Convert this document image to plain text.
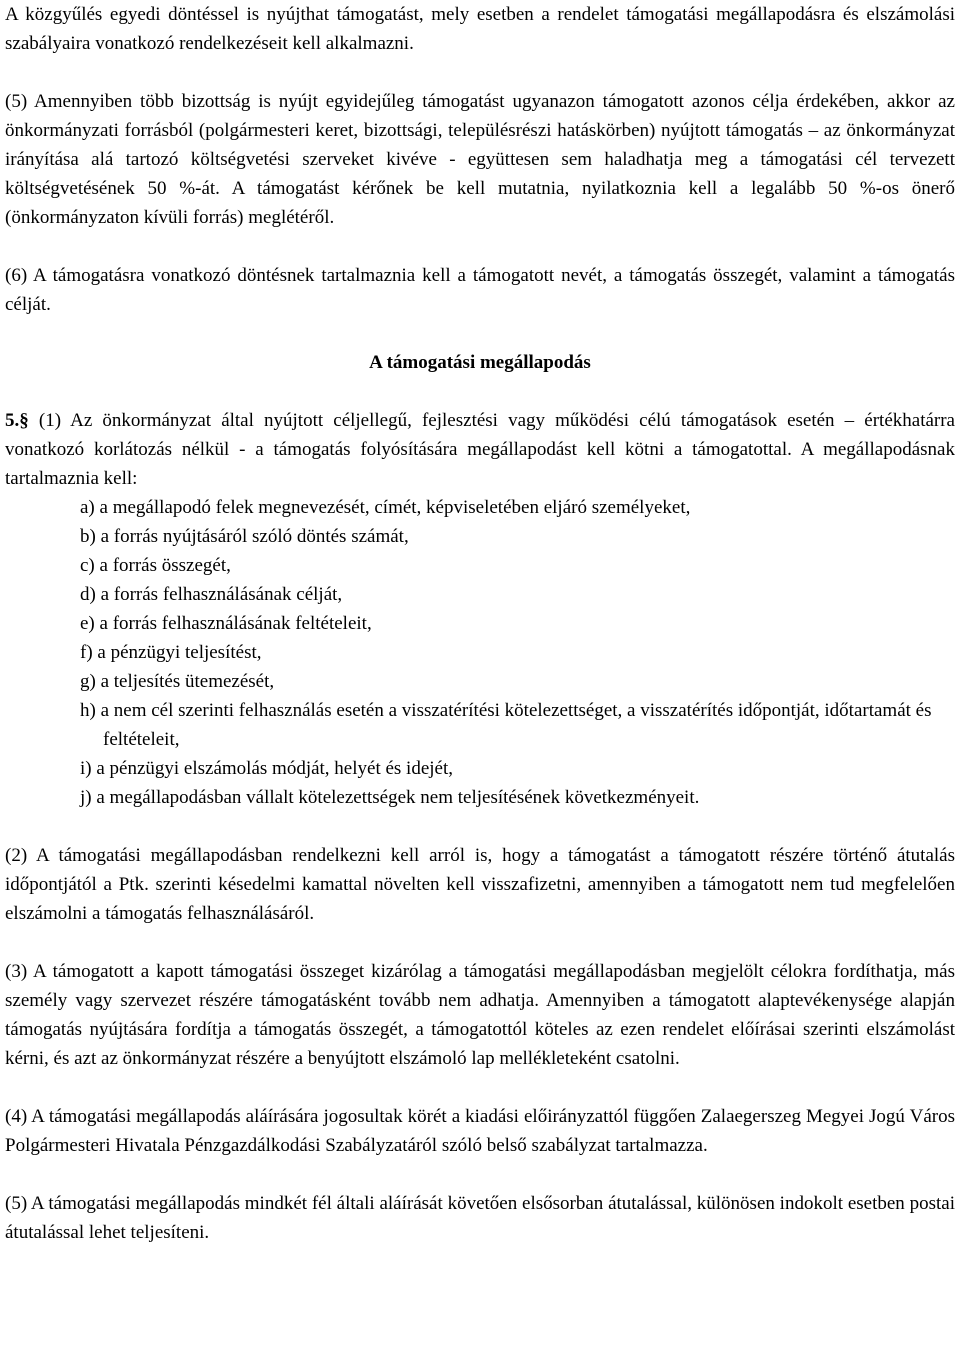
A közgyűlés egyedi döntéssel is nyújthat támogatást, mely esetben a rendelet támogatási megállapodásra és elszámolási szabályaira vonatkozó rendelkezéseit kell alkalmazni.

(5) Amennyiben több bizottság is nyújt egyidejűleg támogatást ugyanazon támogatott azonos célja érdekében, akkor az önkormányzati forrásból (polgármesteri keret, bizottsági, településrészi hatáskörben) nyújtott támogatás – az önkormányzat irányítása alá tartozó költségvetési szerveket kivéve - együttesen sem haladhatja meg a támogatási cél tervezett költségvetésének 50 %-át. A támogatást kérőnek be kell mutatnia, nyilatkoznia kell a legalább 50 %-os önerő (önkormányzaton kívüli forrás) meglétéről.

(6) A támogatásra vonatkozó döntésnek tartalmaznia kell a támogatott nevét, a támogatás összegét, valamint a támogatás célját.

A támogatási megállapodás

5.§ (1) Az önkormányzat által nyújtott céljellegű, fejlesztési vagy működési célú támogatások esetén – értékhatárra vonatkozó korlátozás nélkül - a támogatás folyósítására megállapodást kell kötni a támogatottal. A megállapodásnak tartalmaznia kell:

a) a megállapodó felek megnevezését, címét, képviseletében eljáró személyeket,
b) a forrás nyújtásáról szóló döntés számát,
c) a forrás összegét,
d) a forrás felhasználásának célját,
e) a forrás felhasználásának feltételeit,
f) a pénzügyi teljesítést,
g) a teljesítés ütemezését,
h) a nem cél szerinti felhasználás esetén a visszatérítési kötelezettséget, a visszatérítés időpontját, időtartamát és feltételeit,
i) a pénzügyi elszámolás módját, helyét és idejét,
j) a megállapodásban vállalt kötelezettségek nem teljesítésének következményeit.

(2) A támogatási megállapodásban rendelkezni kell arról is, hogy a támogatást a támogatott részére történő átutalás időpontjától a Ptk. szerinti késedelmi kamattal növelten kell visszafizetni, amennyiben a támogatott nem tud megfelelően elszámolni a támogatás felhasználásáról.

(3) A támogatott a kapott támogatási összeget kizárólag a támogatási megállapodásban megjelölt célokra fordíthatja, más személy vagy szervezet részére támogatásként tovább nem adhatja. Amennyiben a támogatott alaptevékenysége alapján támogatás nyújtására fordítja a támogatás összegét, a támogatottól köteles az ezen rendelet előírásai szerinti elszámolást kérni, és azt az önkormányzat részére a benyújtott elszámoló lap mellékleteként csatolni.

(4) A támogatási megállapodás aláírására jogosultak körét a kiadási előirányzattól függően Zalaegerszeg Megyei Jogú Város Polgármesteri Hivatala Pénzgazdálkodási Szabályzatáról szóló belső szabályzat tartalmazza.

(5) A támogatási megállapodás mindkét fél általi aláírását követően elsősorban átutalással, különösen indokolt esetben postai átutalással lehet teljesíteni.
